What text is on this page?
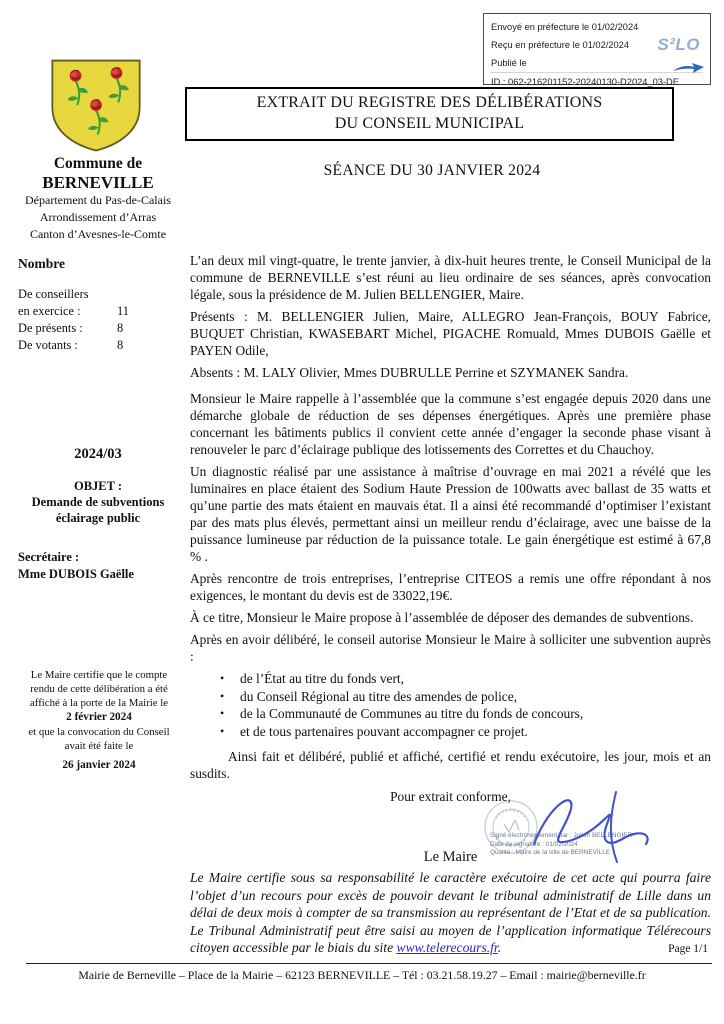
Envoyé en préfecture le 01/02/2024
Reçu en préfecture le 01/02/2024
Publié le
ID : 062-216201152-20240130-D2024_03-DE
S²LO
EXTRAIT DU REGISTRE DES DÉLIBÉRATIONS
DU CONSEIL MUNICIPAL
SÉANCE DU 30 JANVIER 2024
Commune de
BERNEVILLE
Département du Pas-de-Calais
Arrondissement d’Arras
Canton d’Avesnes-le-Comte
Nombre
De conseillers
en exercice :	11
De présents :	8
De votants :	8
2024/03
OBJET :
Demande de subventions
éclairage public
Secrétaire :
Mme DUBOIS Gaëlle
Le Maire certifie que le compte rendu de cette délibération a été affiché à la porte de la Mairie le
2 février 2024
et que la convocation du Conseil avait été faite le
26 janvier 2024

L’an deux mil vingt-quatre, le trente janvier, à dix-huit heures trente, le Conseil Municipal de la commune de BERNEVILLE s’est réuni au lieu ordinaire de ses séances, après convocation légale, sous la présidence de M. Julien BELLENGIER, Maire.

Présents : M. BELLENGIER Julien, Maire, ALLEGRO Jean-François, BOUY Fabrice, BUQUET Christian, KWASEBART Michel, PIGACHE Romuald, Mmes DUBOIS Gaëlle et PAYEN Odile,

Absents : M. LALY Olivier, Mmes DUBRULLE Perrine et SZYMANEK Sandra.

Monsieur le Maire rappelle à l’assemblée que la commune s’est engagée depuis 2020 dans une démarche globale de réduction de ses dépenses énergétiques. Après une première phase concernant les bâtiments publics il convient cette année d’engager la seconde phase visant à renouveler le parc d’éclairage publique des lotissements des Correttes et du Chauchoy.

Un diagnostic réalisé par une assistance à maîtrise d’ouvrage en mai 2021 a révélé que les luminaires en place étaient des Sodium Haute Pression de 100watts avec ballast de 35 watts et qu’une partie des mats étaient en mauvais état. Il a ainsi été recommandé d’optimiser l’existant par des mats plus élevés, permettant ainsi un meilleur rendu d’éclairage, avec une baisse de la puissance lumineuse par réduction de la puissance totale. Le gain énergétique est estimé à 67,8 % .

Après rencontre de trois entreprises, l’entreprise CITEOS a remis une offre répondant à nos exigences, le montant du devis est de 33022,19€.

À ce titre, Monsieur le Maire propose à l’assemblée de déposer des demandes de subventions.

Après en avoir délibéré, le conseil autorise Monsieur le Maire à solliciter une subvention auprès :

• de l’État au titre du fonds vert,
• du Conseil Régional au titre des amendes de police,
• de la Communauté de Communes au titre du fonds de concours,
• et de tous partenaires pouvant accompagner ce projet.

Ainsi fait et délibéré, publié et affiché, certifié et rendu exécutoire, les jour, mois et an susdits.

Pour extrait conforme,

Signé électroniquement par : Julien BELLENGIER
Date de signature : 01/02/2024
Qualité : Maire de la ville de BERNEVILLE
Le Maire

Le Maire certifie sous sa responsabilité le caractère exécutoire de cet acte qui pourra faire l’objet d’un recours pour excès de pouvoir devant le tribunal administratif de Lille dans un délai de deux mois à compter de sa transmission au représentant de l’Etat et de sa publication. Le Tribunal Administratif peut être saisi au moyen de l’application informatique Télérecours citoyen accessible par le biais du site www.telerecours.fr.	Page 1/1
Mairie de Berneville – Place de la Mairie – 62123 BERNEVILLE – Tél : 03.21.58.19.27 – Email : mairie@berneville.fr
